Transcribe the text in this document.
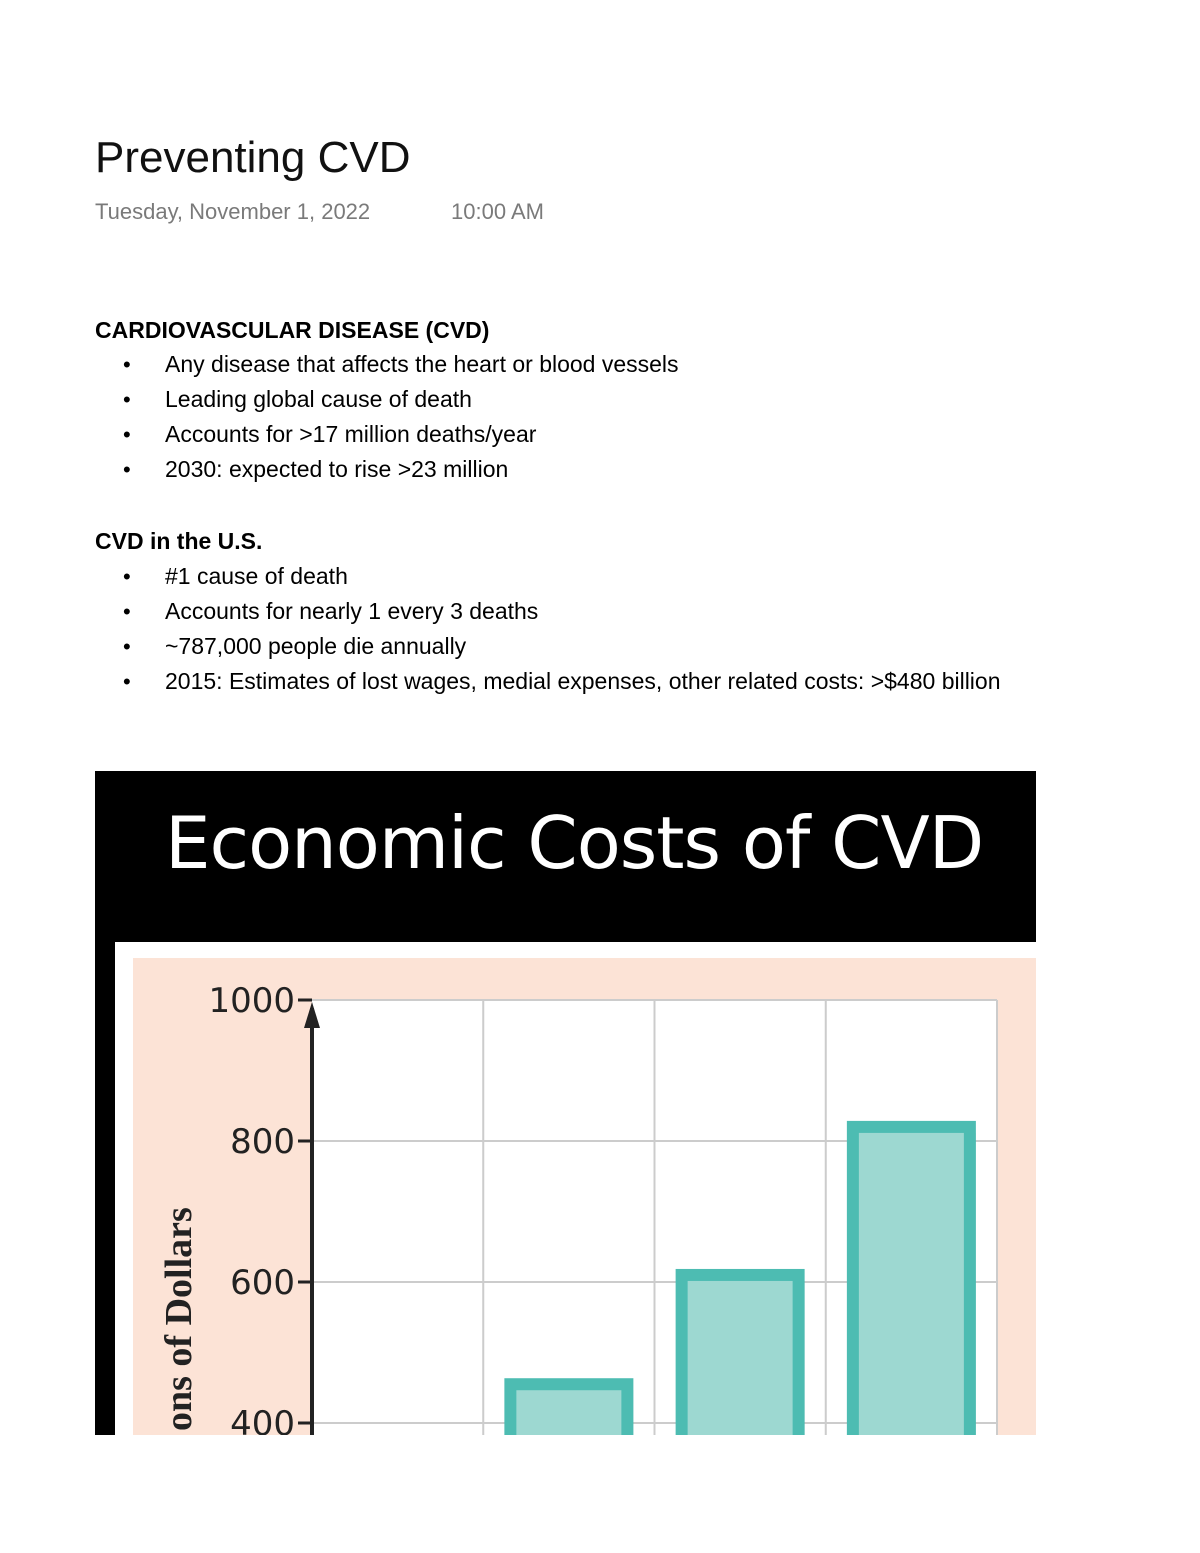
Preventing CVD
Tuesday, November 1, 2022	10:00 AM
CARDIOVASCULAR DISEASE (CVD)
• Any disease that affects the heart or blood vessels
• Leading global cause of death
• Accounts for >17 million deaths/year
• 2030: expected to rise >23 million
CVD in the U.S.
• #1 cause of death
• Accounts for nearly 1 every 3 deaths
• ~787,000 people die annually
• 2015: Estimates of lost wages, medial expenses, other related costs: >$480 billion
Economic Costs of CVD
400
600
800
1000
ons of Dollars
